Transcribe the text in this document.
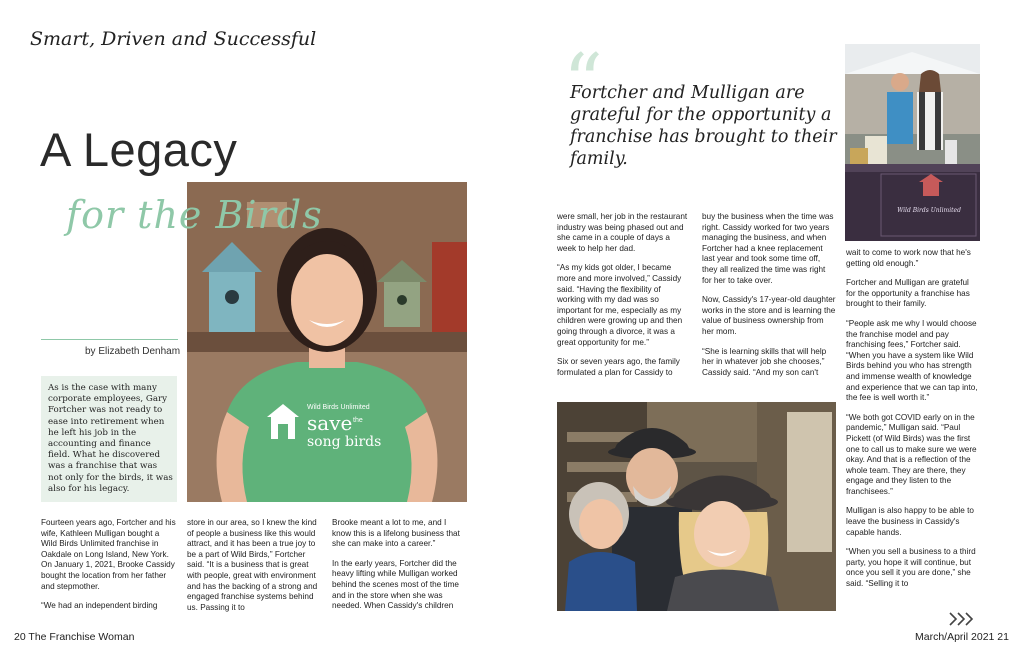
Smart, Driven and Successful
A Legacy
for the Birds
Wild Birds Unlimited
save the
song birds
by Elizabeth Denham
As is the case with many corporate employees, Gary Fortcher was not ready to ease into retirement when he left his job in the accounting and finance field. What he discovered was a franchise that was not only for the birds, it was also for his legacy.

Fourteen years ago, Fortcher and his wife, Kathleen Mulligan bought a Wild Birds Unlimited franchise in Oakdale on Long Island, New York. On January 1, 2021, Brooke Cassidy bought the location from her father and stepmother.

“We had an independent birding

store in our area, so I knew the kind of people a business like this would attract, and it has been a true joy to be a part of Wild Birds,” Fortcher said. “It is a business that is great with people, great with environment and has the backing of a strong and engaged franchise systems behind us. Passing it to

Brooke meant a lot to me, and I know this is a lifelong business that she can make into a career.”

In the early years, Fortcher did the heavy lifting while Mulligan worked behind the scenes most of the time and in the store when she was needed. When Cassidy's children

were small, her job in the restaurant industry was being phased out and she came in a couple of days a week to help her dad.

“As my kids got older, I became more and more involved,” Cassidy said. “Having the flexibility of working with my dad was so important for me, especially as my children were growing up and then going through a divorce, it was a great opportunity for me.”

Six or seven years ago, the family formulated a plan for Cassidy to

buy the business when the time was right. Cassidy worked for two years managing the business, and when Fortcher had a knee replacement last year and took some time off, they all realized the time was right for her to take over.

Now, Cassidy's 17-year-old daughter works in the store and is learning the value of business ownership from her mom.

“She is learning skills that will help her in whatever job she chooses,” Cassidy said. “And my son can't

wait to come to work now that he's getting old enough.”

Fortcher and Mulligan are grateful for the opportunity a franchise has brought to their family.

“People ask me why I would choose the franchise model and pay franchising fees,” Fortcher said. “When you have a system like Wild Birds behind you who has strength and immense wealth of knowledge and experience that we can tap into, the fee is well worth it.”

“We both got COVID early on in the pandemic,” Mulligan said. “Paul Pickett (of Wild Birds) was the first one to call us to make sure we were okay. And that is a reflection of the whole team. They are there, they engage and they listen to the franchisees.”

Mulligan is also happy to be able to leave the business in Cassidy's capable hands.

“When you sell a business to a third party, you hope it will continue, but once you sell it you are done,” she said. “Selling it to

“
Fortcher and Mulligan are grateful for the opportunity a franchise has brought to their family.
Wild Birds Unlimited
20 The Franchise Woman	March/April 2021 21
